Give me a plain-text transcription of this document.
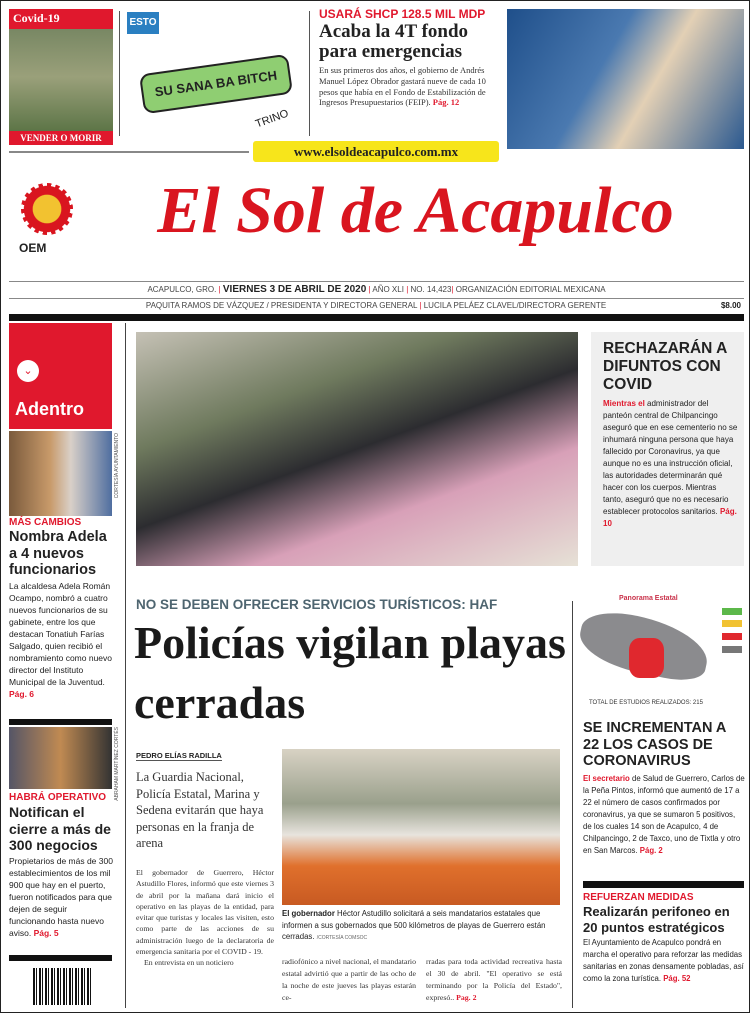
Covid-19
VENDER O MORIR
ESTO
SU SANA BA BITCH
TRINO
USARÁ SHCP 128.5 MIL MDP
Acaba la 4T fondo para emergencias
En sus primeros dos años, el gobierno de Andrés Manuel López Obrador gastará nueve de cada 10 pesos que había en el Fondo de Estabilización de Ingresos Presupuestarios (FEIP). Pág. 12
www.elsoldeacapulco.com.mx
OEM
El Sol de Acapulco
ACAPULCO, GRO. | VIERNES 3 DE ABRIL DE 2020 | AÑO XLI | NO. 14,423| ORGANIZACIÓN EDITORIAL MEXICANA
PAQUITA RAMOS DE VÁZQUEZ / PRESIDENTA Y DIRECTORA GENERAL | LUCILA PELÁEZ CLAVEL/DIRECTORA GERENTE	$8.00
⌄
Adentro
CORTESÍA AYUNTAMIENTO
MÁS CAMBIOS
Nombra Adela a 4 nuevos funcionarios
La alcaldesa Adela Román Ocampo, nombró a cuatro nuevos funcionarios de su gabinete, entre los que destacan Tonatiuh Farías Salgado, quien recibió el nombramiento como nuevo director del Instituto Municipal de la Juventud. Pág. 6
ABRAHAM MARTÍNEZ CORTÉS
HABRÁ OPERATIVO
Notifican el cierre a más de 300 negocios
Propietarios de más de 300 establecimientos de los mil 900 que hay en el puerto, fueron notificados para que dejen de seguir funcionando hasta nuevo aviso. Pág. 5
RECHAZARÁN A DIFUNTOS CON COVID
Mientras el administrador del panteón central de Chilpancingo aseguró que en ese cementerio no se inhumará ninguna persona que haya fallecido por Coronavirus, ya que aunque no es una instrucción oficial, las autoridades determinarán qué hacer con los cuerpos. Mientras tanto, aseguró que no es necesario establecer protocolos sanitarios. Pág. 10
NO SE DEBEN OFRECER SERVICIOS TURÍSTICOS: HAF
Policías vigilan playas cerradas
PEDRO ELÍAS RADILLA
La Guardia Nacional, Policía Estatal, Marina y Sedena evitarán que haya personas en la franja de arena
El gobernador de Guerrero, Héctor Astudillo Flores, informó que este viernes 3 de abril por la mañana dará inicio el operativo en las playas de la entidad, para evitar que turistas y locales las visiten, esto como parte de las acciones de su administración luego de la declaratoria de emergencia sanitaria por el COVID - 19.
En entrevista en un noticiero
El gobernador Héctor Astudillo solicitará a seis mandatarios estatales que informen a sus gobernados que 500 kilómetros de playas de Guerrero están cerradas. /CORTESÍA COMSOC
radiofónico a nivel nacional, el mandatario estatal advirtió que a partir de las ocho de la noche de este jueves las playas estarán ce-
rradas para toda actividad recreativa hasta el 30 de abril. "El operativo se está terminando por la Policía del Estado", expresó.. Pag. 2
Panorama Estatal
TOTAL DE ESTUDIOS REALIZADOS: 215
SE INCREMENTAN A 22 LOS CASOS DE CORONAVIRUS
El secretario de Salud de Guerrero, Carlos de la Peña Pintos, informó que aumentó de 17 a 22 el número de casos confirmados por coronavirus, ya que se sumaron 5 positivos, de los cuales 14 son de Acapulco, 4 de Chilpancingo, 2 de Taxco, uno de Tixtla y otro en San Marcos. Pág. 2
REFUERZAN MEDIDAS
Realizarán perifoneo en 20 puntos estratégicos
El Ayuntamiento de Acapulco pondrá en marcha el operativo para reforzar las medidas sanitarias en zonas densamente pobladas, así como la zona turística. Pág. 52
